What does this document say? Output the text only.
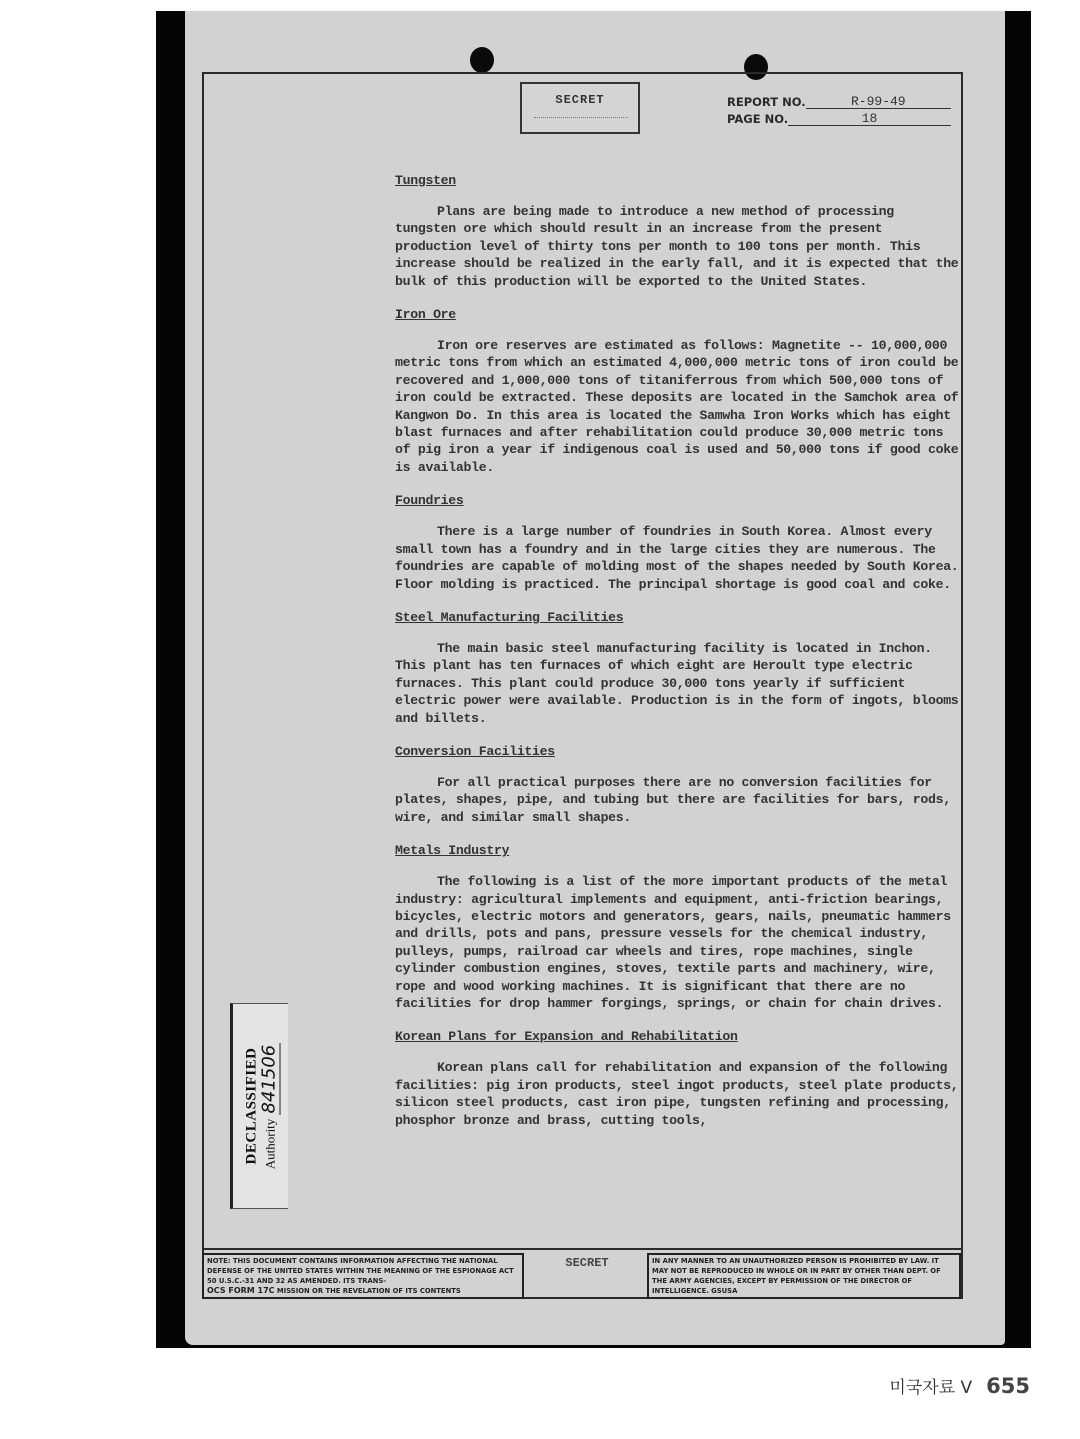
SECRET	REPORT NO.	R-99-49
PAGE NO.	18
Tungsten

Plans are being made to introduce a new method of processing tungsten ore which should result in an increase from the present production level of thirty tons per month to 100 tons per month. This increase should be realized in the early fall, and it is expected that the bulk of this production will be exported to the United States.

Iron Ore

Iron ore reserves are estimated as follows: Magnetite -- 10,000,000 metric tons from which an estimated 4,000,000 metric tons of iron could be recovered and 1,000,000 tons of titaniferrous from which 500,000 tons of iron could be extracted. These deposits are located in the Samchok area of Kangwon Do. In this area is located the Samwha Iron Works which has eight blast furnaces and after rehabilitation could produce 30,000 metric tons of pig iron a year if indigenous coal is used and 50,000 tons if good coke is available.

Foundries

There is a large number of foundries in South Korea. Almost every small town has a foundry and in the large cities they are numerous. The foundries are capable of molding most of the shapes needed by South Korea. Floor molding is practiced. The principal shortage is good coal and coke.

Steel Manufacturing Facilities

The main basic steel manufacturing facility is located in Inchon. This plant has ten furnaces of which eight are Heroult type electric furnaces. This plant could produce 30,000 tons yearly if sufficient electric power were available. Production is in the form of ingots, blooms and billets.

Conversion Facilities

For all practical purposes there are no conversion facilities for plates, shapes, pipe, and tubing but there are facilities for bars, rods, wire, and similar small shapes.

Metals Industry

The following is a list of the more important products of the metal industry: agricultural implements and equipment, anti-friction bearings, bicycles, electric motors and generators, gears, nails, pneumatic hammers and drills, pots and pans, pressure vessels for the chemical industry, pulleys, pumps, railroad car wheels and tires, rope machines, single cylinder combustion engines, stoves, textile parts and machinery, wire, rope and wood working machines. It is significant that there are no facilities for drop hammer forgings, springs, or chain for chain drives.

Korean Plans for Expansion and Rehabilitation

Korean plans call for rehabilitation and expansion of the following facilities: pig iron products, steel ingot products, steel plate products, silicon steel products, cast iron pipe, tungsten refining and processing, phosphor bronze and brass, cutting tools,

DECLASSIFIED Authority 841506
NOTE: THIS DOCUMENT CONTAINS INFORMATION AFFECTING THE NATIONAL DEFENSE OF THE UNITED STATES WITHIN THE MEANING OF THE ESPIONAGE ACT 50 U.S.C.-31 AND 32 AS AMENDED. ITS TRANS-
OCS FORM 17C MISSION OR THE REVELATION OF ITS CONTENTS
SECRET	IN ANY MANNER TO AN UNAUTHORIZED PERSON IS PROHIBITED BY LAW. IT MAY NOT BE REPRODUCED IN WHOLE OR IN PART BY OTHER THAN DEPT. OF THE ARMY AGENCIES, EXCEPT BY PERMISSION OF THE DIRECTOR OF INTELLIGENCE. GSUSA
미국자료 V 655
